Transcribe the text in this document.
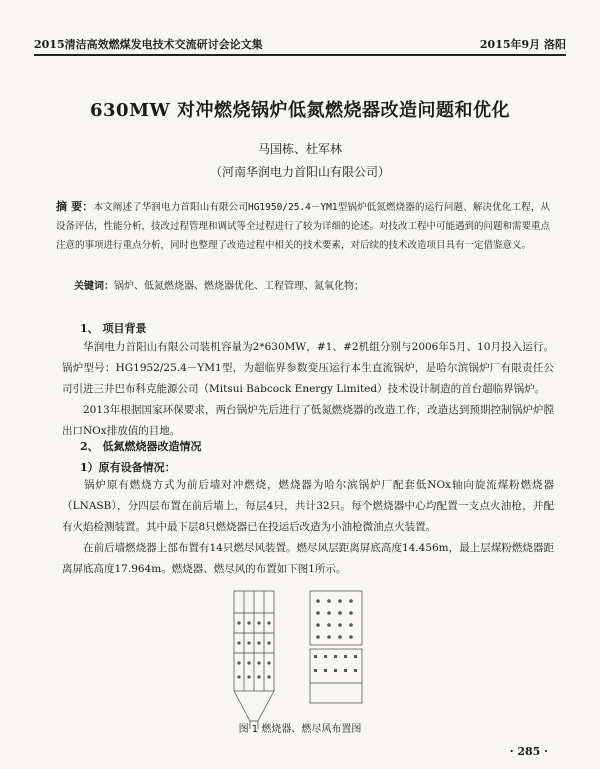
2015清洁高效燃煤发电技术交流研讨会论文集	2015年9月 洛阳
630MW 对冲燃烧锅炉低氮燃烧器改造问题和优化
马国栋、杜军林
（河南华润电力首阳山有限公司）
摘 要：本文阐述了华润电力首阳山有限公司HG1950/25.4－YM1型锅炉低氮燃烧器的运行问题、解决优化工程，从设备评估，性能分析，技改过程管理和调试等全过程进行了较为详细的论述。对技改工程中可能遇到的问题和需要重点注意的事项进行重点分析，同时也整理了改造过程中相关的技术要素，对后续的技术改造项目具有一定借鉴意义。
关键词：锅炉、低氮燃烧器、燃烧器优化、工程管理、氮氧化物；
1、 项目背景
华润电力首阳山有限公司装机容量为2*630MW，#1、#2机组分别与2006年5月、10月投入运行。锅炉型号：HG1952/25.4－YM1型，为超临界参数变压运行本生直流锅炉，是哈尔滨锅炉厂有限责任公司引进三井巴布科克能源公司（Mitsui Babcock Energy Limited）技术设计制造的首台超临界锅炉。
2013年根据国家环保要求，两台锅炉先后进行了低氮燃烧器的改造工作，改造达到预期控制锅炉炉膛出口NOx排放值的目地。
2、 低氮燃烧器改造情况
1）原有设备情况：
锅炉原有燃烧方式为前后墙对冲燃烧，燃烧器为哈尔滨锅炉厂配套低NOx轴向旋流煤粉燃烧器（LNASB），分四层布置在前后墙上，每层4只，共计32只。每个燃烧器中心均配置一支点火油枪，并配有火焰检测装置。其中最下层8只燃烧器已在投运后改造为小油枪微油点火装置。
在前后墙燃烧器上部布置有14只燃尽风装置。燃尽风层距离屏底高度14.456m，最上层煤粉燃烧器距离屏底高度17.964m。燃烧器、燃尽风的布置如下图1所示。
图 1 燃烧器、燃尽风布置图
· 285 ·
